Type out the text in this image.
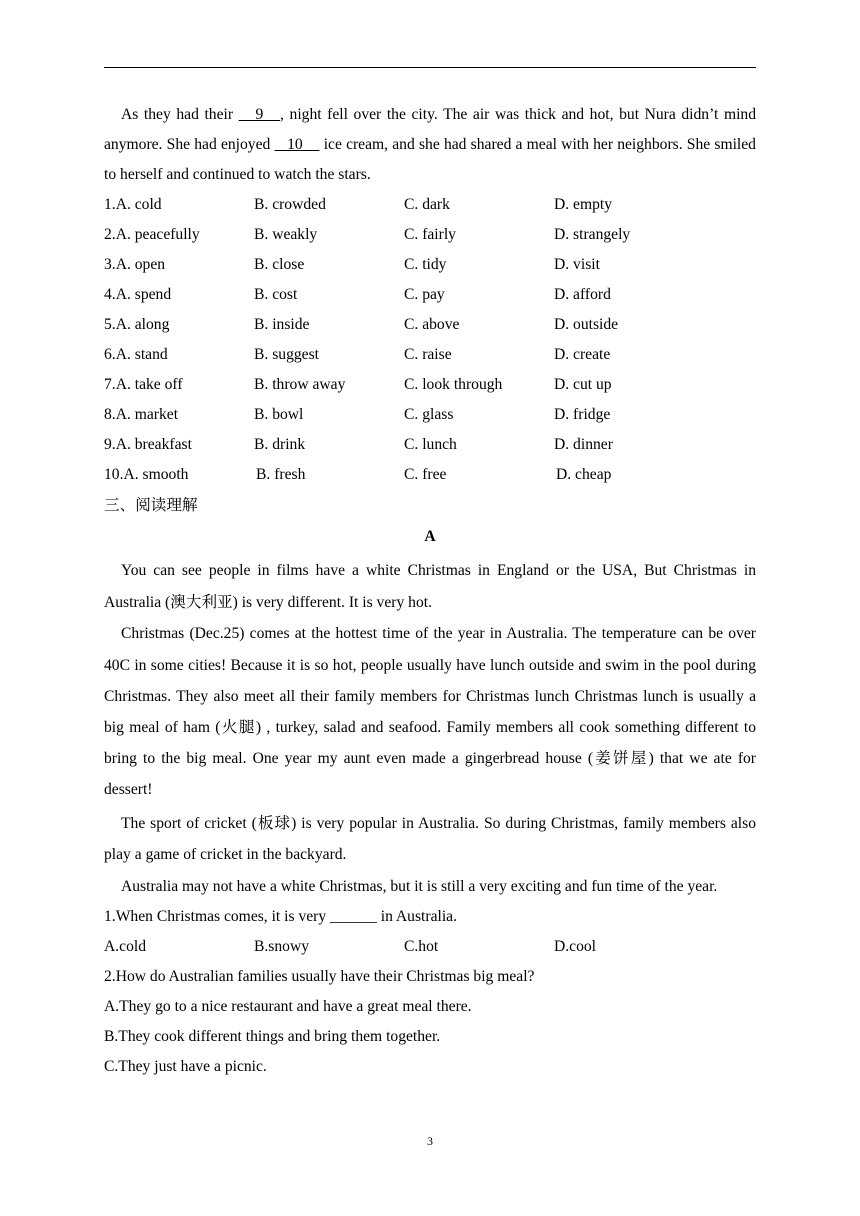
As they had their    9   , night fell over the city. The air was thick and hot, but Nura didn’t mind anymore. She had enjoyed    10     ice cream, and she had shared a meal with her neighbors. She smiled to herself and continued to watch the stars.

1.A. cold	B. crowded	C. dark	D. empty
2.A. peacefully	B. weakly	C. fairly	D. strangely
3.A. open	B. close	C. tidy	D. visit
4.A. spend	B. cost	C. pay	D. afford
5.A. along	B. inside	C. above	D. outside
6.A. stand	B. suggest	C. raise	D. create
7.A. take off	B. throw away	C. look through	D. cut up
8.A. market	B. bowl	C. glass	D. fridge
9.A. breakfast	B. drink	C. lunch	D. dinner
10.A. smooth	B. fresh	C. free	D. cheap
三、阅读理解
A

You can see people in films have a white Christmas in England or the USA, But Christmas in Australia (澳大利亚) is very different. It is very hot.

Christmas (Dec.25) comes at the hottest time of the year in Australia. The temperature can be over 40C in some cities! Because it is so hot, people usually have lunch outside and swim in the pool during Christmas. They also meet all their family members for Christmas lunch Christmas lunch is usually a big meal of ham (火腿) , turkey, salad and seafood. Family members all cook something different to bring to the big meal. One year my aunt even made a gingerbread house (姜饼屋) that we ate for dessert!

The sport of cricket (板球) is very popular in Australia. So during Christmas, family members also play a game of cricket in the backyard.

Australia may not have a white Christmas, but it is still a very exciting and fun time of the year.

1.When Christmas comes, it is very ______ in Australia.
A.cold	B.snowy	C.hot	D.cool
2.How do Australian families usually have their Christmas big meal?
A.They go to a nice restaurant and have a great meal there.
B.They cook different things and bring them together.
C.They just have a picnic.
3
